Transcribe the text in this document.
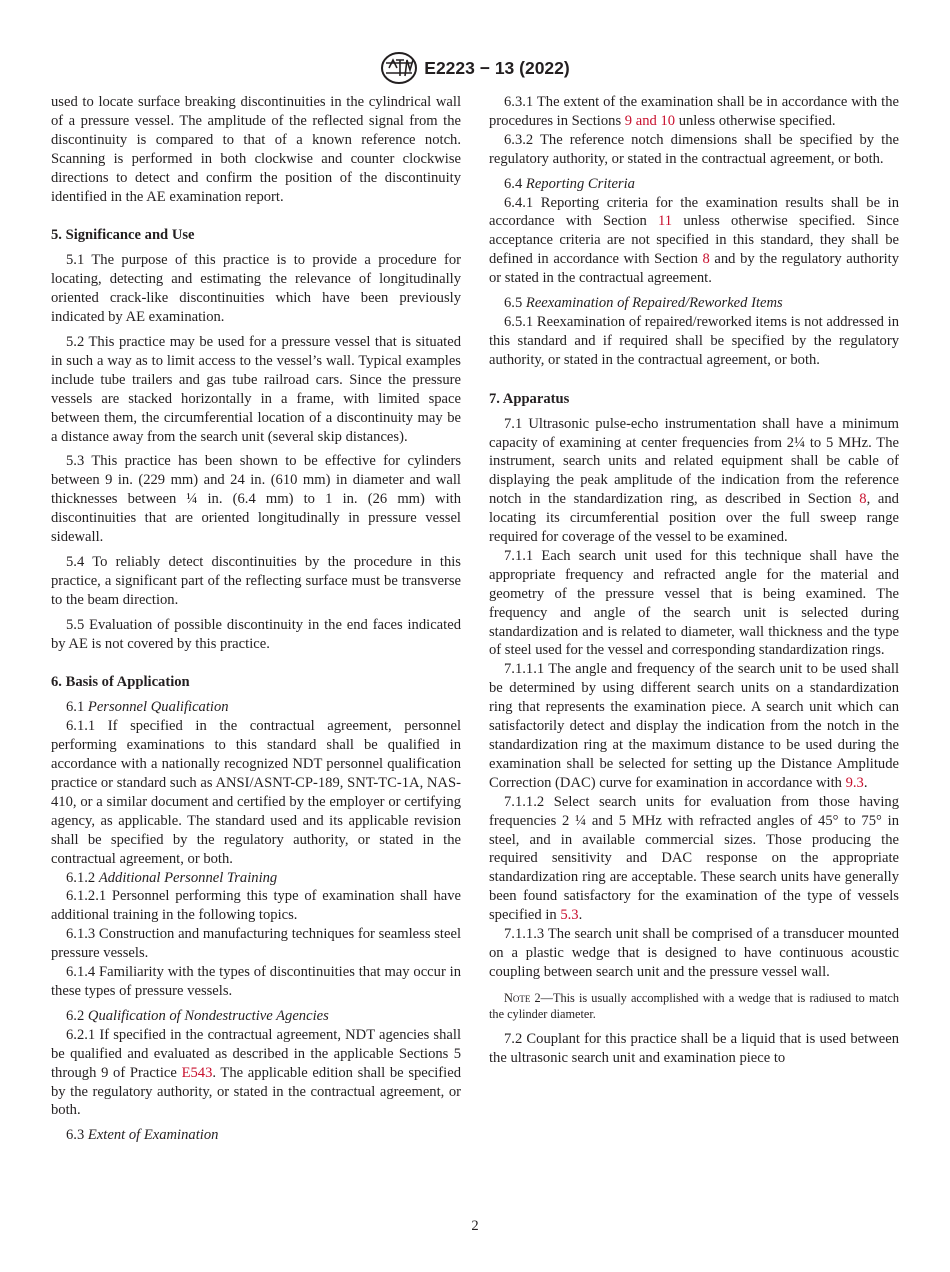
E2223 − 13 (2022)

used to locate surface breaking discontinuities in the cylindrical wall of a pressure vessel. The amplitude of the reflected signal from the discontinuity is compared to that of a known reference notch. Scanning is performed in both clockwise and counter clockwise directions to detect and confirm the position of the discontinuity identified in the AE examination report.

5. Significance and Use

5.1 The purpose of this practice is to provide a procedure for locating, detecting and estimating the relevance of longitudinally oriented crack-like discontinuities which have been previously indicated by AE examination.

5.2 This practice may be used for a pressure vessel that is situated in such a way as to limit access to the vessel’s wall. Typical examples include tube trailers and gas tube railroad cars. Since the pressure vessels are stacked horizontally in a frame, with limited space between them, the circumferential location of a discontinuity may be a distance away from the search unit (several skip distances).

5.3 This practice has been shown to be effective for cylinders between 9 in. (229 mm) and 24 in. (610 mm) in diameter and wall thicknesses between ¼ in. (6.4 mm) to 1 in. (26 mm) with discontinuities that are oriented longitudinally in pressure vessel sidewall.

5.4 To reliably detect discontinuities by the procedure in this practice, a significant part of the reflecting surface must be transverse to the beam direction.

5.5 Evaluation of possible discontinuity in the end faces indicated by AE is not covered by this practice.

6. Basis of Application

6.1 Personnel Qualification

6.1.1 If specified in the contractual agreement, personnel performing examinations to this standard shall be qualified in accordance with a nationally recognized NDT personnel qualification practice or standard such as ANSI/ASNT-CP-189, SNT-TC-1A, NAS-410, or a similar document and certified by the employer or certifying agency, as applicable. The standard used and its applicable revision shall be specified by the regulatory authority, or stated in the contractual agreement, or both.

6.1.2 Additional Personnel Training

6.1.2.1 Personnel performing this type of examination shall have additional training in the following topics.

6.1.3 Construction and manufacturing techniques for seamless steel pressure vessels.

6.1.4 Familiarity with the types of discontinuities that may occur in these types of pressure vessels.

6.2 Qualification of Nondestructive Agencies

6.2.1 If specified in the contractual agreement, NDT agencies shall be qualified and evaluated as described in the applicable Sections 5 through 9 of Practice E543. The applicable edition shall be specified by the regulatory authority, or stated in the contractual agreement, or both.

6.3 Extent of Examination

6.3.1 The extent of the examination shall be in accordance with the procedures in Sections 9 and 10 unless otherwise specified.

6.3.2 The reference notch dimensions shall be specified by the regulatory authority, or stated in the contractual agreement, or both.

6.4 Reporting Criteria

6.4.1 Reporting criteria for the examination results shall be in accordance with Section 11 unless otherwise specified. Since acceptance criteria are not specified in this standard, they shall be defined in accordance with Section 8 and by the regulatory authority or stated in the contractual agreement.

6.5 Reexamination of Repaired/Reworked Items

6.5.1 Reexamination of repaired/reworked items is not addressed in this standard and if required shall be specified by the regulatory authority, or stated in the contractual agreement, or both.

7. Apparatus

7.1 Ultrasonic pulse-echo instrumentation shall have a minimum capacity of examining at center frequencies from 2¼ to 5 MHz. The instrument, search units and related equipment shall be cable of displaying the peak amplitude of the indication from the reference notch in the standardization ring, as described in Section 8, and locating its circumferential position over the full sweep range required for coverage of the vessel to be examined.

7.1.1 Each search unit used for this technique shall have the appropriate frequency and refracted angle for the material and geometry of the pressure vessel that is being examined. The frequency and angle of the search unit is selected during standardization and is related to diameter, wall thickness and the type of steel used for the vessel and corresponding standardization rings.

7.1.1.1 The angle and frequency of the search unit to be used shall be determined by using different search units on a standardization ring that represents the examination piece. A search unit which can satisfactorily detect and display the indication from the notch in the standardization ring at the maximum distance to be used during the examination shall be selected for setting up the Distance Amplitude Correction (DAC) curve for examination in accordance with 9.3.

7.1.1.2 Select search units for evaluation from those having frequencies 2 ¼ and 5 MHz with refracted angles of 45° to 75° in steel, and in available commercial sizes. Those producing the required sensitivity and DAC response on the appropriate standardization ring are acceptable. These search units have generally been found satisfactory for the examination of the type of vessels specified in 5.3.

7.1.1.3 The search unit shall be comprised of a transducer mounted on a plastic wedge that is designed to have continuous acoustic coupling between search unit and the pressure vessel wall.

Note 2—This is usually accomplished with a wedge that is radiused to match the cylinder diameter.

7.2 Couplant for this practice shall be a liquid that is used between the ultrasonic search unit and examination piece to

2
